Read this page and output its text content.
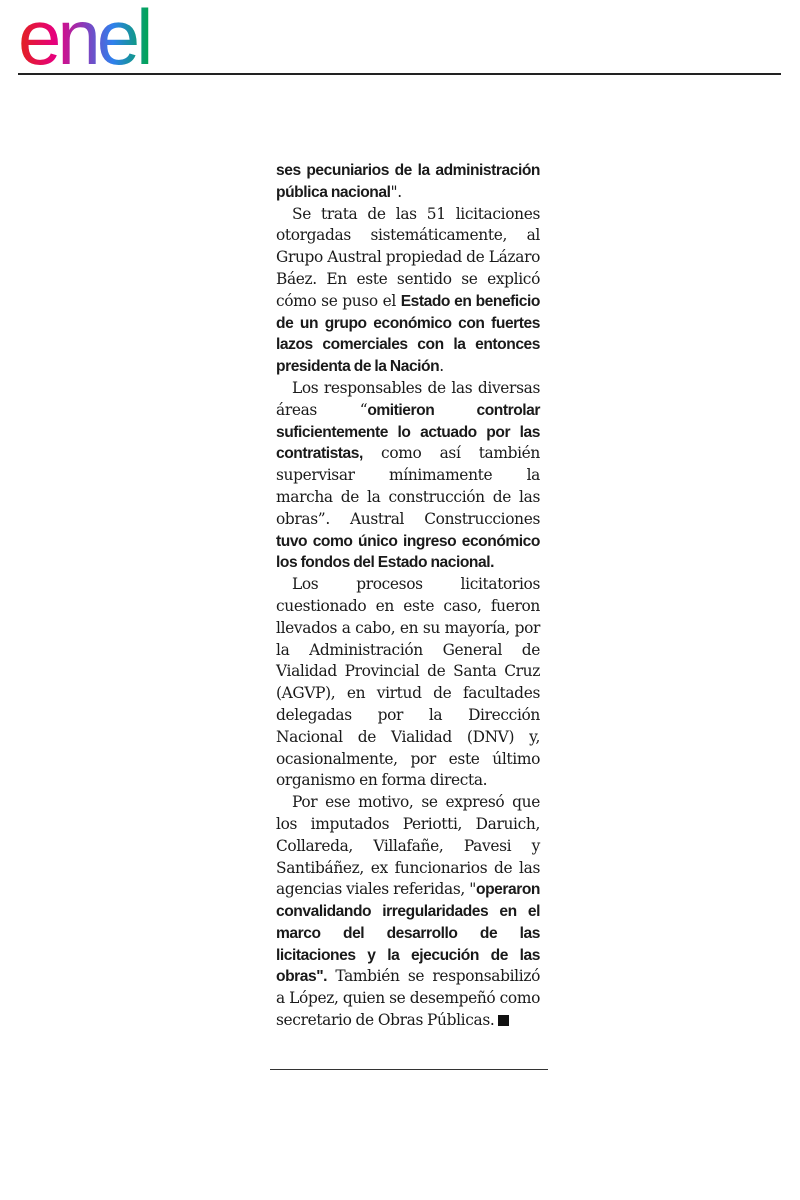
enel

ses pecuniarios de la administración pública nacional".

Se trata de las 51 licitaciones otorgadas sistemáticamente, al Grupo Austral propiedad de Lázaro Báez. En este sentido se explicó cómo se puso el Estado en beneficio de un grupo económico con fuertes lazos comerciales con la entonces presidenta de la Nación.

Los responsables de las diversas áreas “omitieron controlar suficientemente lo actuado por las contratistas, como así también supervisar mínimamente la marcha de la construcción de las obras”. Austral Construcciones tuvo como único ingreso económico los fondos del Estado nacional.

Los procesos licitatorios cuestionado en este caso, fueron llevados a cabo, en su mayoría, por la Administración General de Vialidad Provincial de Santa Cruz (AGVP), en virtud de facultades delegadas por la Dirección Nacional de Vialidad (DNV) y, ocasionalmente, por este último organismo en forma directa.

Por ese motivo, se expresó que los imputados Periotti, Daruich, Collareda, Villafañe, Pavesi y Santibáñez, ex funcionarios de las agencias viales referidas, "operaron convalidando irregularidades en el marco del desarrollo de las licitaciones y la ejecución de las obras". También se responsabilizó a López, quien se desempeñó como secretario de Obras Públicas.
